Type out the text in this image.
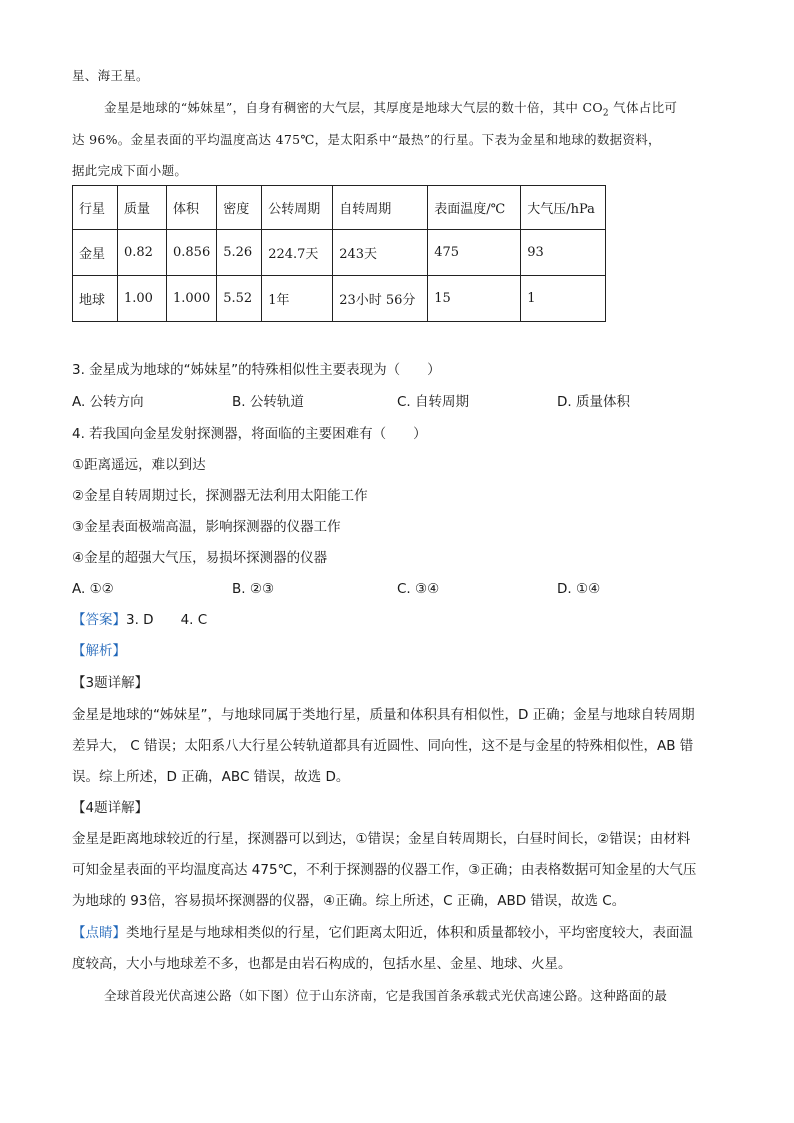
星、海王星。
金星是地球的“姊妹星”，自身有稠密的大气层，其厚度是地球大气层的数十倍，其中 $CO_2$ 气体占比可
达 96%。金星表面的平均温度高达 475℃，是太阳系中“最热”的行星。下表为金星和地球的数据资料，
据此完成下面小题。
行星	质量	体积	密度	公转周期	自转周期	表面温度/℃	大气压/hPa
金星	0.82	0.856	5.26	224.7天	243天	475	93
地球	1.00	1.000	5.52	1年	23小时 56分	15	1
3. 金星成为地球的“姊妹星”的特殊相似性主要表现为（　　）
A. 公转方向	B. 公转轨道	C. 自转周期	D. 质量体积
4. 若我国向金星发射探测器，将面临的主要困难有（　　）
①距离遥远，难以到达
②金星自转周期过长，探测器无法利用太阳能工作
③金星表面极端高温，影响探测器的仪器工作
④金星的超强大气压，易损坏探测器的仪器
A. ①②	B. ②③	C. ③④	D. ①④
【答案】3. D　　4. C
【解析】
【3题详解】
金星是地球的“姊妹星”，与地球同属于类地行星，质量和体积具有相似性，D 正确；金星与地球自转周期
差异大， C 错误；太阳系八大行星公转轨道都具有近圆性、同向性，这不是与金星的特殊相似性，AB 错
误。综上所述，D 正确，ABC 错误，故选 D。
【4题详解】
金星是距离地球较近的行星，探测器可以到达，①错误；金星自转周期长，白昼时间长，②错误；由材料
可知金星表面的平均温度高达 475℃，不利于探测器的仪器工作，③正确；由表格数据可知金星的大气压
为地球的 93倍，容易损坏探测器的仪器，④正确。综上所述，C 正确，ABD 错误，故选 C。
【点睛】类地行星是与地球相类似的行星，它们距离太阳近，体积和质量都较小，平均密度较大，表面温
度较高，大小与地球差不多，也都是由岩石构成的，包括水星、金星、地球、火星。
全球首段光伏高速公路（如下图）位于山东济南，它是我国首条承载式光伏高速公路。这种路面的最
